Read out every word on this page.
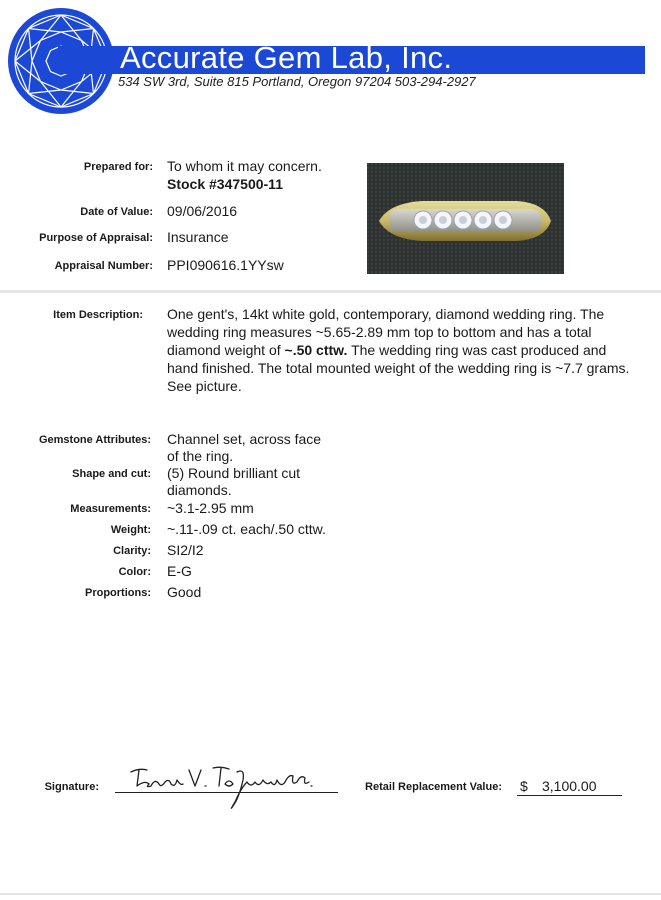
Accurate Gem Lab, Inc.
534 SW 3rd, Suite 815 Portland, Oregon 97204 503-294-2927
Prepared for: To whom it may concern.
Stock #347500-11
Date of Value: 09/06/2016
Purpose of Appraisal: Insurance
Appraisal Number: PPI090616.1YYsw
Item Description: One gent's, 14kt white gold, contemporary, diamond wedding ring. The
wedding ring measures ~5.65-2.89 mm top to bottom and has a total
diamond weight of ~.50 cttw. The wedding ring was cast produced and
hand finished. The total mounted weight of the wedding ring is ~7.7 grams.
See picture.
Gemstone Attributes: Channel set, across face
of the ring.
Shape and cut: (5) Round brilliant cut
diamonds.
Measurements: ~3.1-2.95 mm
Weight: ~.11-.09 ct. each/.50 cttw.
Clarity: SI2/I2
Color: E-G
Proportions: Good
Signature:	Retail Replacement Value: $ 3,100.00
